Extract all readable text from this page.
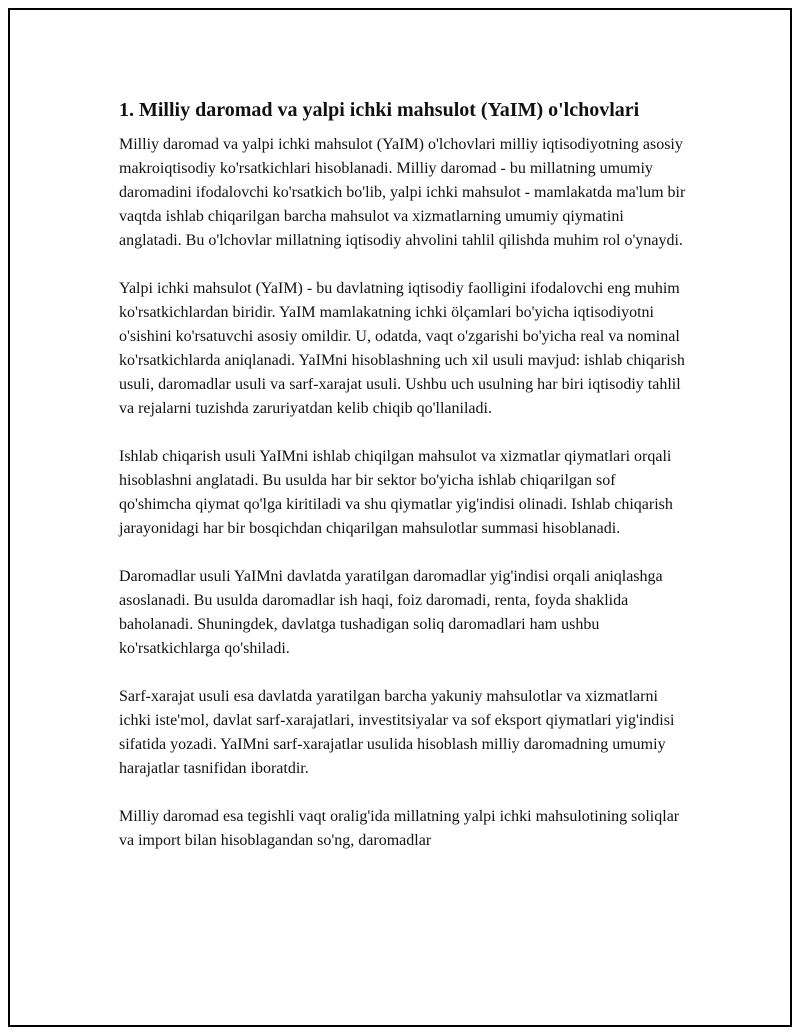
1. Milliy daromad va yalpi ichki mahsulot (YaIM) o'lchovlari

Milliy daromad va yalpi ichki mahsulot (YaIM) o'lchovlari milliy iqtisodiyotning asosiy makroiqtisodiy ko'rsatkichlari hisoblanadi. Milliy daromad - bu millatning umumiy daromadini ifodalovchi ko'rsatkich bo'lib, yalpi ichki mahsulot - mamlakatda ma'lum bir vaqtda ishlab chiqarilgan barcha mahsulot va xizmatlarning umumiy qiymatini anglatadi. Bu o'lchovlar millatning iqtisodiy ahvolini tahlil qilishda muhim rol o'ynaydi.

Yalpi ichki mahsulot (YaIM) - bu davlatning iqtisodiy faolligini ifodalovchi eng muhim ko'rsatkichlardan biridir. YaIM mamlakatning ichki ölçamlari bo'yicha iqtisodiyotni o'sishini ko'rsatuvchi asosiy omildir. U, odatda, vaqt o'zgarishi bo'yicha real va nominal ko'rsatkichlarda aniqlanadi. YaIMni hisoblashning uch xil usuli mavjud: ishlab chiqarish usuli, daromadlar usuli va sarf-xarajat usuli. Ushbu uch usulning har biri iqtisodiy tahlil va rejalarni tuzishda zaruriyatdan kelib chiqib qo'llaniladi.

Ishlab chiqarish usuli YaIMni ishlab chiqilgan mahsulot va xizmatlar qiymatlari orqali hisoblashni anglatadi. Bu usulda har bir sektor bo'yicha ishlab chiqarilgan sof qo'shimcha qiymat qo'lga kiritiladi va shu qiymatlar yig'indisi olinadi. Ishlab chiqarish jarayonidagi har bir bosqichdan chiqarilgan mahsulotlar summasi hisoblanadi.

Daromadlar usuli YaIMni davlatda yaratilgan daromadlar yig'indisi orqali aniqlashga asoslanadi. Bu usulda daromadlar ish haqi, foiz daromadi, renta, foyda shaklida baholanadi. Shuningdek, davlatga tushadigan soliq daromadlari ham ushbu ko'rsatkichlarga qo'shiladi.

Sarf-xarajat usuli esa davlatda yaratilgan barcha yakuniy mahsulotlar va xizmatlarni ichki iste'mol, davlat sarf-xarajatlari, investitsiyalar va sof eksport qiymatlari yig'indisi sifatida yozadi. YaIMni sarf-xarajatlar usulida hisoblash milliy daromadning umumiy harajatlar tasnifidan iboratdir.

Milliy daromad esa tegishli vaqt oralig'ida millatning yalpi ichki mahsulotining soliqlar va import bilan hisoblagandan so'ng, daromadlar
